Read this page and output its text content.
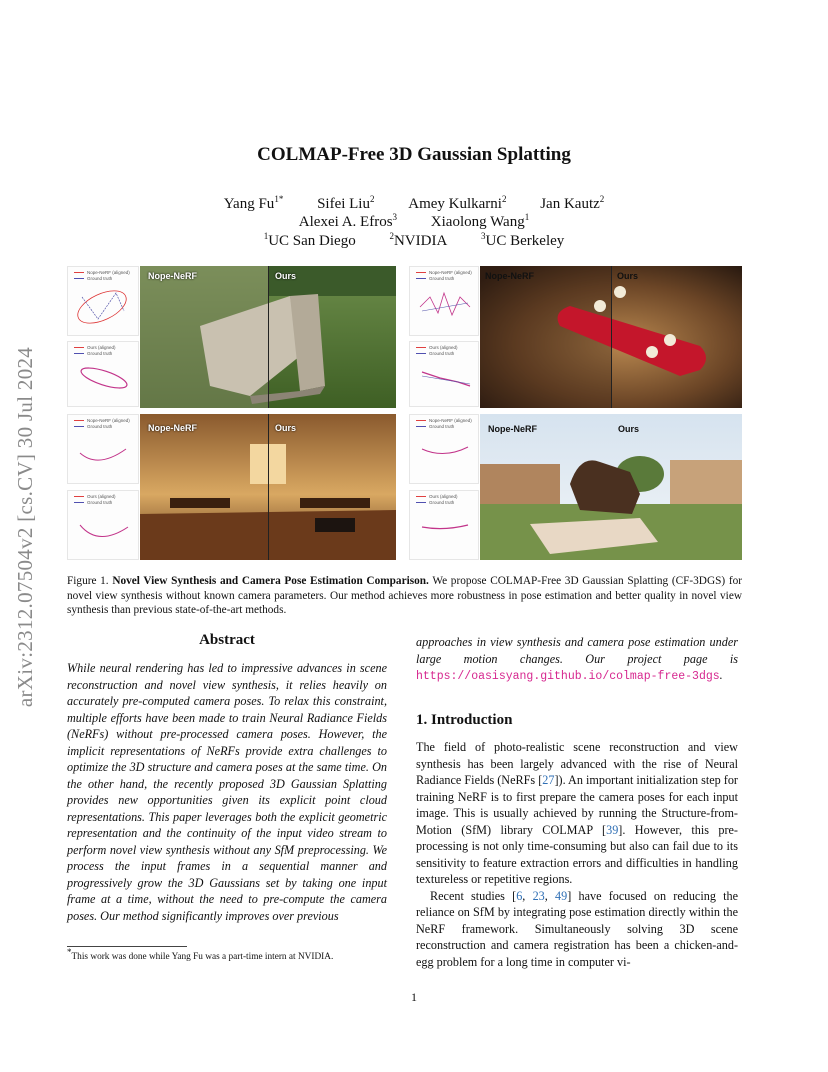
arXiv:2312.07504v2 [cs.CV] 30 Jul 2024
COLMAP-Free 3D Gaussian Splatting
Yang $Fu^{1*}$ Sifei Liu$^2$ Amey Kulkarni$^2$ Jan Kautz$^2$
Alexei A. Efros$^3$ Xiaolong Wang$^1$
$^1$UC San Diego	$^2$NVIDIA	$^3$UC Berkeley
Nope-NeRF (aligned)
Ground truth
Ours (aligned)
Ground truth
Nope-NeRF (aligned)
Ground truth
Ours (aligned)
Ground truth
Nope-NeRF	Ours	Nope-NeRF (aligned)
Ground truth
Ours (aligned)
Ground truth
Nope-NeRF	Ours
Nope-NeRF	Ours
Nope-NeRF (aligned)
Ground truth
Ours (aligned)
Ground truth
Nope-NeRF	Ours
Figure 1. Novel View Synthesis and Camera Pose Estimation Comparison. We propose COLMAP-Free 3D Gaussian Splatting (CF-3DGS) for novel view synthesis without known camera parameters. Our method achieves more robustness in pose estimation and better quality in novel view synthesis than previous state-of-the-art methods.
Abstract
While neural rendering has led to impressive advances in scene reconstruction and novel view synthesis, it relies heavily on accurately pre-computed camera poses. To relax this constraint, multiple efforts have been made to train Neural Radiance Fields (NeRFs) without pre-processed camera poses. However, the implicit representations of NeRFs provide extra challenges to optimize the 3D structure and camera poses at the same time. On the other hand, the recently proposed 3D Gaussian Splatting provides new opportunities given its explicit point cloud representations. This paper leverages both the explicit geometric representation and the continuity of the input video stream to perform novel view synthesis without any SfM preprocessing. We process the input frames in a sequential manner and progressively grow the 3D Gaussians set by taking one input frame at a time, without the need to pre-compute the camera poses. Our method significantly improves over previous
*This work was done while Yang Fu was a part-time intern at NVIDIA.
approaches in view synthesis and camera pose estimation under large motion changes. Our project page is https://oasisyang.github.io/colmap-free-3dgs.
1. Introduction

The field of photo-realistic scene reconstruction and view synthesis has been largely advanced with the rise of Neural Radiance Fields (NeRFs [27]). An important initialization step for training NeRF is to first prepare the camera poses for each input image. This is usually achieved by running the Structure-from-Motion (SfM) library COLMAP [39]. However, this pre-processing is not only time-consuming but also can fail due to its sensitivity to feature extraction errors and difficulties in handling textureless or repetitive regions.

Recent studies [6, 23, 49] have focused on reducing the reliance on SfM by integrating pose estimation directly within the NeRF framework. Simultaneously solving 3D scene reconstruction and camera registration has been a chicken-and-egg problem for a long time in computer vi-

1
